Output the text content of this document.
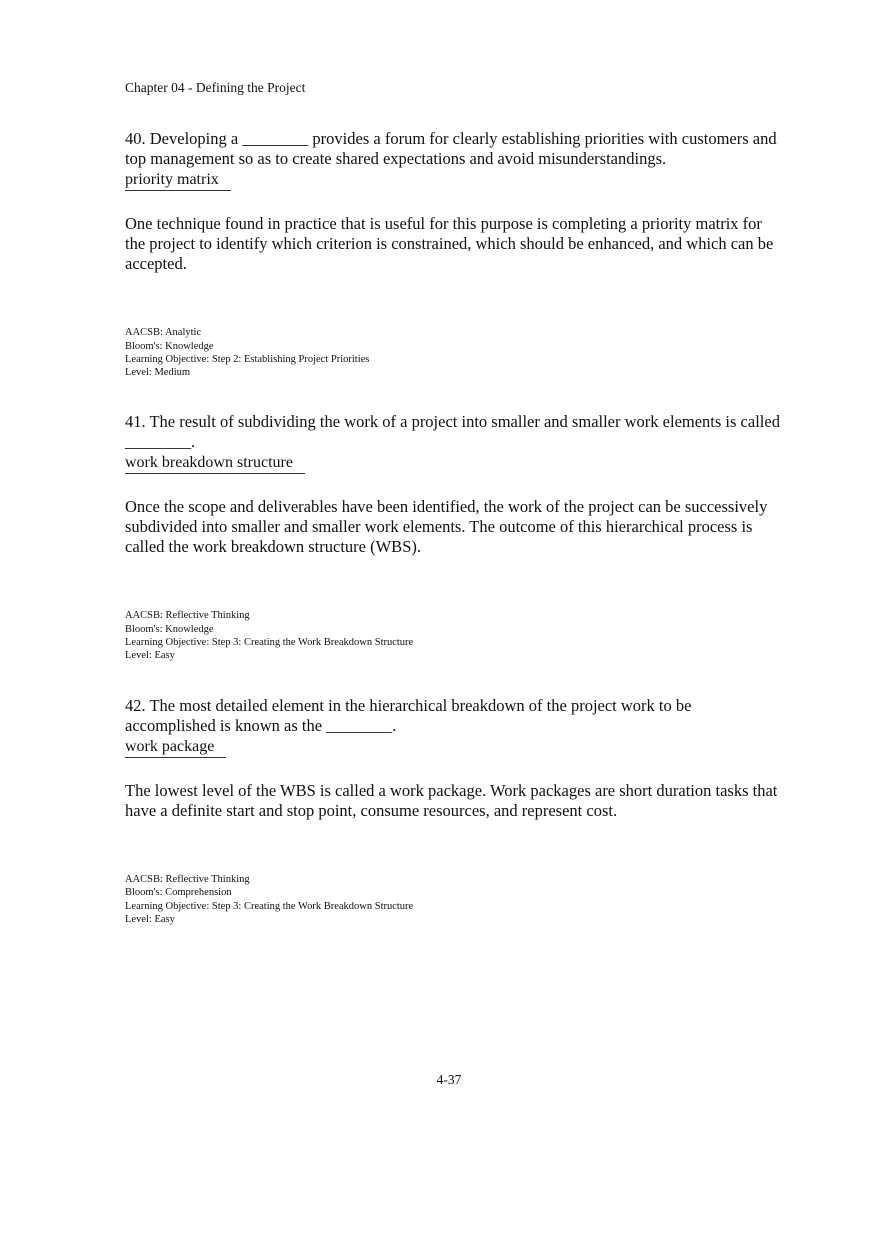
Chapter 04 - Defining the Project

40. Developing a ________ provides a forum for clearly establishing priorities with customers and top management so as to create shared expectations and avoid misunderstandings.

priority matrix

One technique found in practice that is useful for this purpose is completing a priority matrix for the project to identify which criterion is constrained, which should be enhanced, and which can be accepted.

AACSB: Analytic
Bloom's: Knowledge
Learning Objective: Step 2: Establishing Project Priorities
Level: Medium

41. The result of subdividing the work of a project into smaller and smaller work elements is called ________.

work breakdown structure

Once the scope and deliverables have been identified, the work of the project can be successively subdivided into smaller and smaller work elements. The outcome of this hierarchical process is called the work breakdown structure (WBS).

AACSB: Reflective Thinking
Bloom's: Knowledge
Learning Objective: Step 3: Creating the Work Breakdown Structure
Level: Easy

42. The most detailed element in the hierarchical breakdown of the project work to be accomplished is known as the ________.

work package

The lowest level of the WBS is called a work package. Work packages are short duration tasks that have a definite start and stop point, consume resources, and represent cost.

AACSB: Reflective Thinking
Bloom's: Comprehension
Learning Objective: Step 3: Creating the Work Breakdown Structure
Level: Easy
4-37
